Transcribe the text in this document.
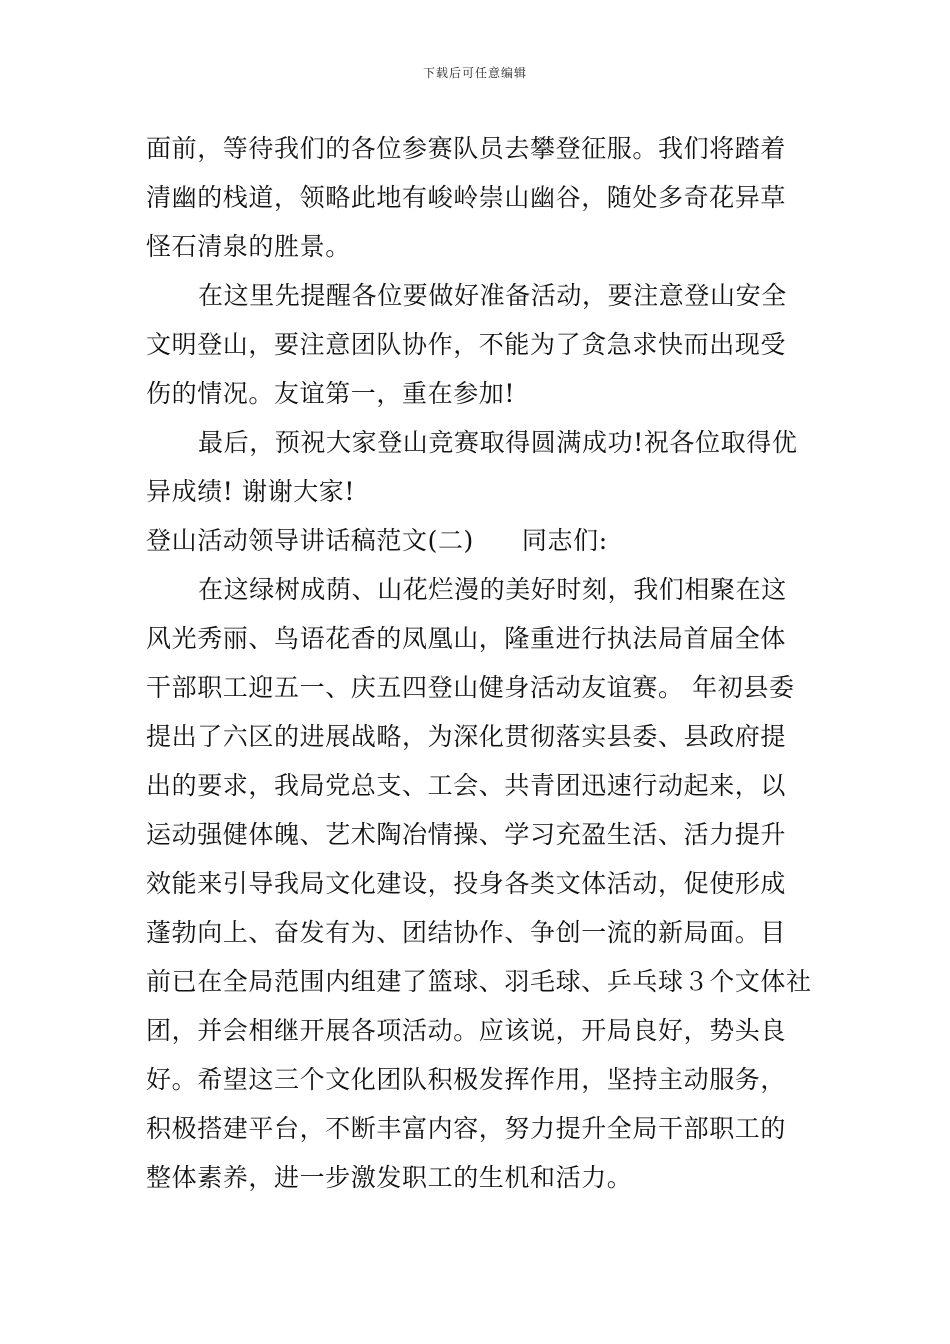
下载后可任意编辑
面前，等待我们的各位参赛队员去攀登征服。我们将踏着
清幽的栈道，领略此地有峻岭崇山幽谷，随处多奇花异草
怪石清泉的胜景。
在这里先提醒各位要做好准备活动，要注意登山安全
文明登山，要注意团队协作，不能为了贪急求快而出现受
伤的情况。友谊第一，重在参加!
最后，预祝大家登山竞赛取得圆满成功!祝各位取得优
异成绩! 谢谢大家!
登山活动领导讲话稿范文(二) 同志们:
在这绿树成荫、山花烂漫的美好时刻，我们相聚在这
风光秀丽、鸟语花香的凤凰山，隆重进行执法局首届全体
干部职工迎五一、庆五四登山健身活动友谊赛。 年初县委
提出了六区的进展战略，为深化贯彻落实县委、县政府提
出的要求，我局党总支、工会、共青团迅速行动起来，以
运动强健体魄、艺术陶冶情操、学习充盈生活、活力提升
效能来引导我局文化建设，投身各类文体活动，促使形成
蓬勃向上、奋发有为、团结协作、争创一流的新局面。目
前已在全局范围内组建了篮球、羽毛球、乒乓球３个文体社
团，并会相继开展各项活动。应该说，开局良好，势头良
好。希望这三个文化团队积极发挥作用，坚持主动服务，
积极搭建平台，不断丰富内容，努力提升全局干部职工的
整体素养，进一步激发职工的生机和活力。
